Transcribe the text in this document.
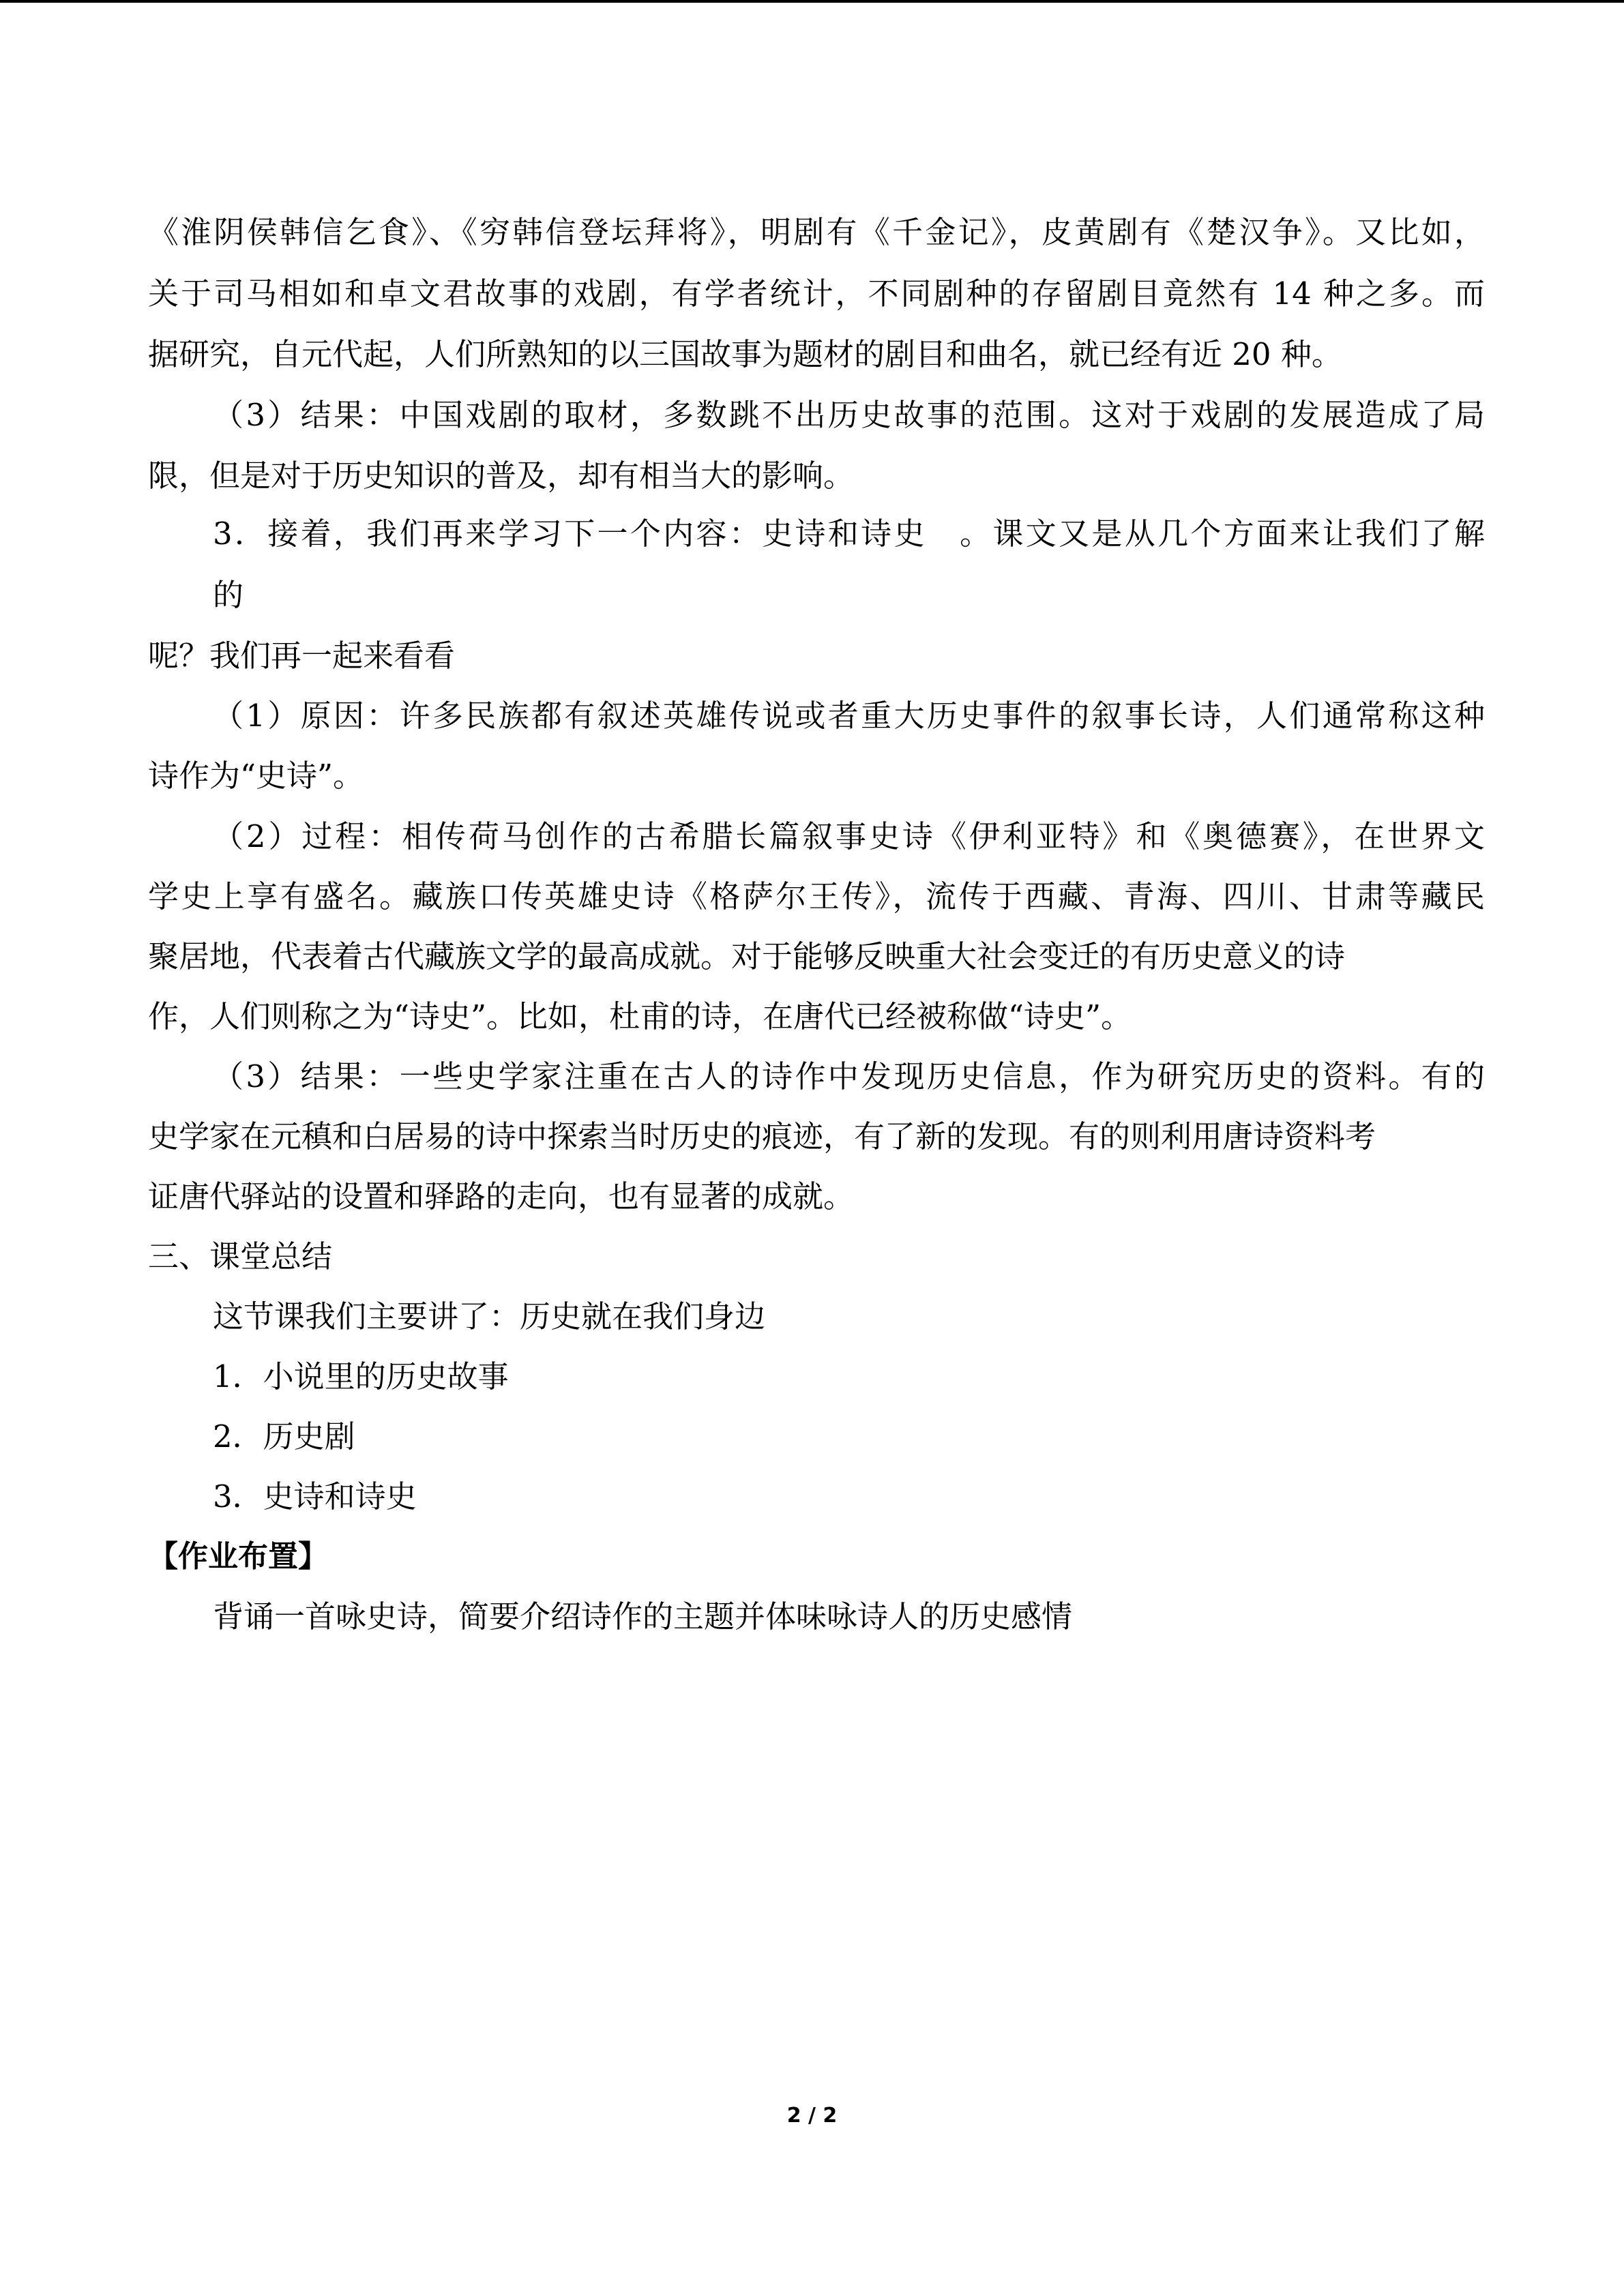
《淮阴侯韩信乞食》、《穷韩信登坛拜将》，明剧有《千金记》，皮黄剧有《楚汉争》。又比如，

关于司马相如和卓文君故事的戏剧，有学者统计，不同剧种的存留剧目竟然有 14 种之多。而

据研究，自元代起，人们所熟知的以三国故事为题材的剧目和曲名，就已经有近 20 种。

（3）结果：中国戏剧的取材，多数跳不出历史故事的范围。这对于戏剧的发展造成了局

限，但是对于历史知识的普及，却有相当大的影响。

3．接着，我们再来学习下一个内容：史诗和诗史　。课文又是从几个方面来让我们了解

的

呢？我们再一起来看看

（1）原因：许多民族都有叙述英雄传说或者重大历史事件的叙事长诗，人们通常称这种

诗作为“史诗”。

（2）过程：相传荷马创作的古希腊长篇叙事史诗《伊利亚特》和《奥德赛》，在世界文

学史上享有盛名。藏族口传英雄史诗《格萨尔王传》，流传于西藏、青海、四川、甘肃等藏民

聚居地，代表着古代藏族文学的最高成就。对于能够反映重大社会变迁的有历史意义的诗

作，人们则称之为“诗史”。比如，杜甫的诗，在唐代已经被称做“诗史”。

（3）结果：一些史学家注重在古人的诗作中发现历史信息，作为研究历史的资料。有的

史学家在元稹和白居易的诗中探索当时历史的痕迹，有了新的发现。有的则利用唐诗资料考

证唐代驿站的设置和驿路的走向，也有显著的成就。

三、课堂总结

这节课我们主要讲了：历史就在我们身边

1．小说里的历史故事

2．历史剧

3．史诗和诗史

【作业布置】

背诵一首咏史诗，简要介绍诗作的主题并体味咏诗人的历史感情

2 / 2
